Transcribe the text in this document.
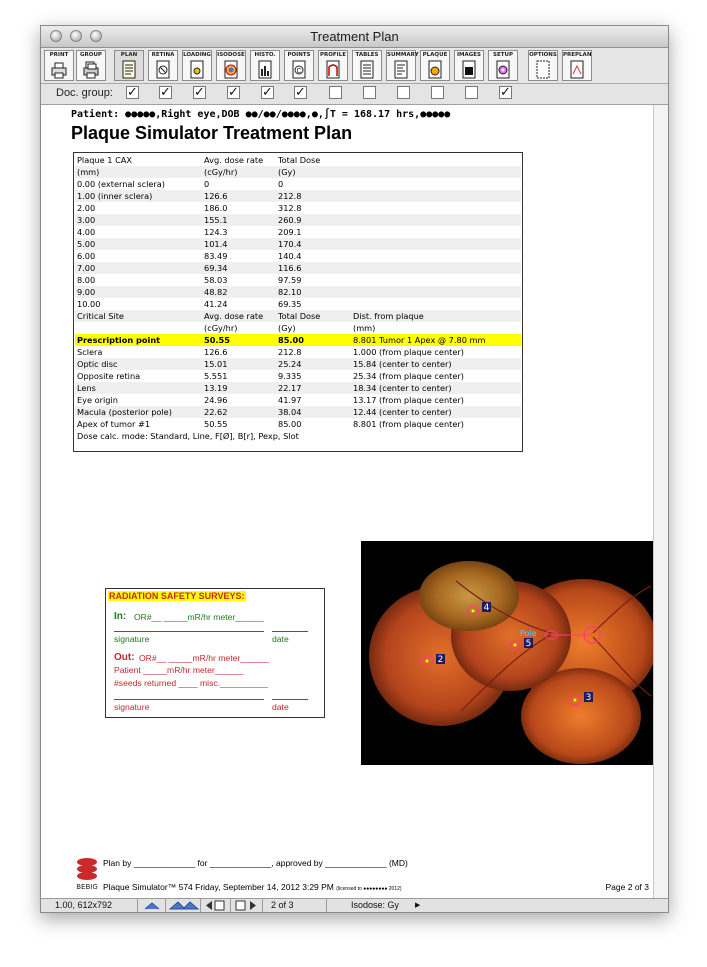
Treatment Plan
PRINT	GROUP	PLAN	RETINA	LOADING ISODOSE	HISTO.	POINTS
C
PROFILE	TABLES	SUMMARY PLAQUE	IMAGES	SETUP	OPTIONS PREPLAN
Doc. group: ✓ ✓ ✓ ✓ ✓ ✓	✓
Patient: ●●●●●,Right eye,DOB ●●/●●/●●●●,●,∫T = 168.17 hrs,●●●●●
Plaque Simulator Treatment Plan
Plaque 1 CAX	Avg. dose rate Total Dose
(mm)	(cGy/hr)	(Gy)
0.00 (external sclera)	0	0
1.00 (inner sclera)	126.6	212.8
2.00	186.0	312.8
3.00	155.1	260.9
4.00	124.3	209.1
5.00	101.4	170.4
6.00	83.49	140.4
7.00	69.34	116.6
8.00	58.03	97.59
9.00	48.82	82.10
10.00	41.24	69.35
Critical Site	Avg. dose rate Total Dose	Dist. from plaque
(cGy/hr)	(Gy)	(mm)
Prescription point	50.55	85.00	8.801 Tumor 1 Apex @ 7.80 mm
Sclera	126.6	212.8	1.000 (from plaque center)
Optic disc	15.01	25.24	15.84 (center to center)
Opposite retina	5.551	9.335	25.34 (from plaque center)
Lens	13.19	22.17	18.34 (center to center)
Eye origin	24.96	41.97	13.17 (from plaque center)
Macula (posterior pole)	22.62	38.04	12.44 (center to center)
Apex of tumor #1	50.55	85.00	8.801 (from plaque center)
Dose calc. mode: Standard, Line, F[Ø], B[r], Pexp, Slot
RADIATION SAFETY SURVEYS:
In: OR#__ _____mR/hr meter______
signature	date
Out: OR#__ _____mR/hr meter______
Patient _____mR/hr meter______
#seeds returned ____ misc.__________
signature	date
4
2
3
5
Pole
BEBIG
Plan by _____________ for _____________, approved by _____________ (MD)
Plaque Simulator™ 574 Friday, September 14, 2012 3:29 PM (licensed to ●●●●●●●● 2012)	Page 2 of 3
1.00, 612x792	2 of 3	Isodose: Gy ▶
